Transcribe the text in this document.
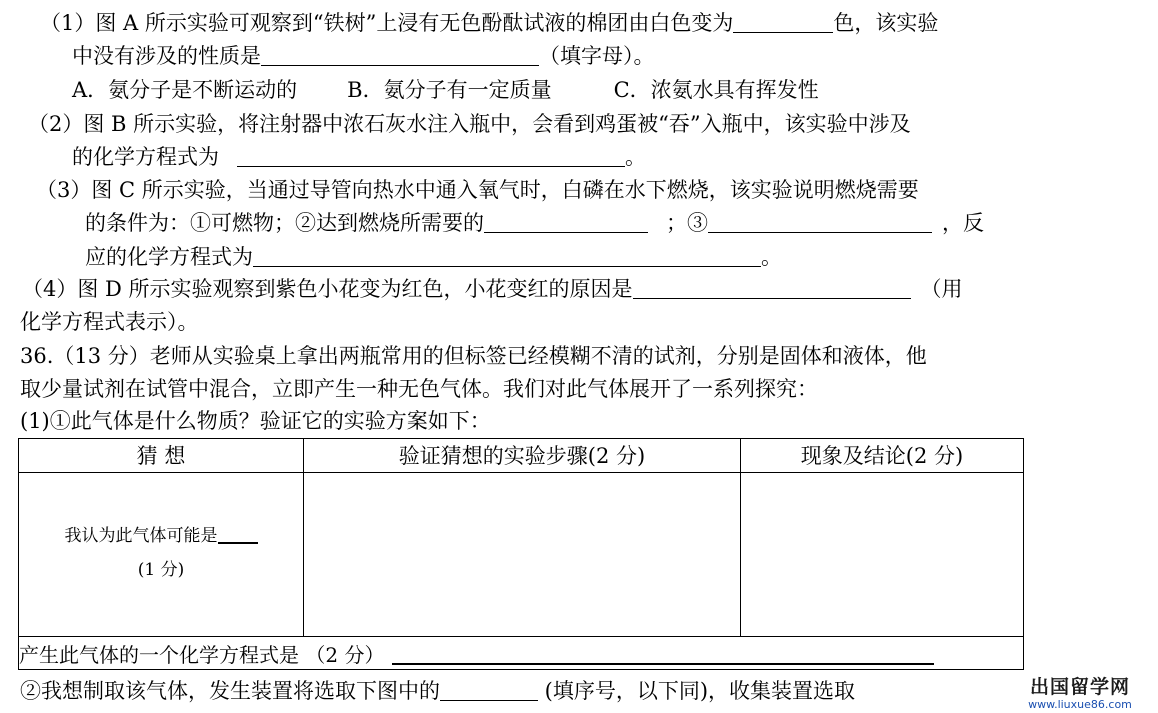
（1）图 A 所示实验可观察到“铁树”上浸有无色酚酞试液的棉团由白色变为	色，该实验
中没有涉及的性质是	（填字母）。
A．氨分子是不断运动的 B．氨分子有一定质量	C．浓氨水具有挥发性
（2）图 B 所示实验，将注射器中浓石灰水注入瓶中，会看到鸡蛋被“吞”入瓶中，该实验中涉及
的化学方程式为	。
（3）图 C 所示实验，当通过导管向热水中通入氧气时，白磷在水下燃烧，该实验说明燃烧需要
的条件为：①可燃物；②达到燃烧所需要的	；③	，反
应的化学方程式为	。
（4）图 D 所示实验观察到紫色小花变为红色，小花变红的原因是	（用
化学方程式表示）。
36.（13 分）老师从实验桌上拿出两瓶常用的但标签已经模糊不清的试剂，分别是固体和液体，他
取少量试剂在试管中混合，立即产生一种无色气体。我们对此气体展开了一系列探究：
(1)①此气体是什么物质？验证它的实验方案如下：
猜 想	验证猜想的实验步骤(2 分)	现象及结论(2 分)
我认为此气体可能是
(1 分)
产生此气体的一个化学方程式是 （2 分）
②我想制取该气体，发生装置将选取下图中的	(填序号，以下同)，收集装置选取	出国留学网
www.liuxue86.com
